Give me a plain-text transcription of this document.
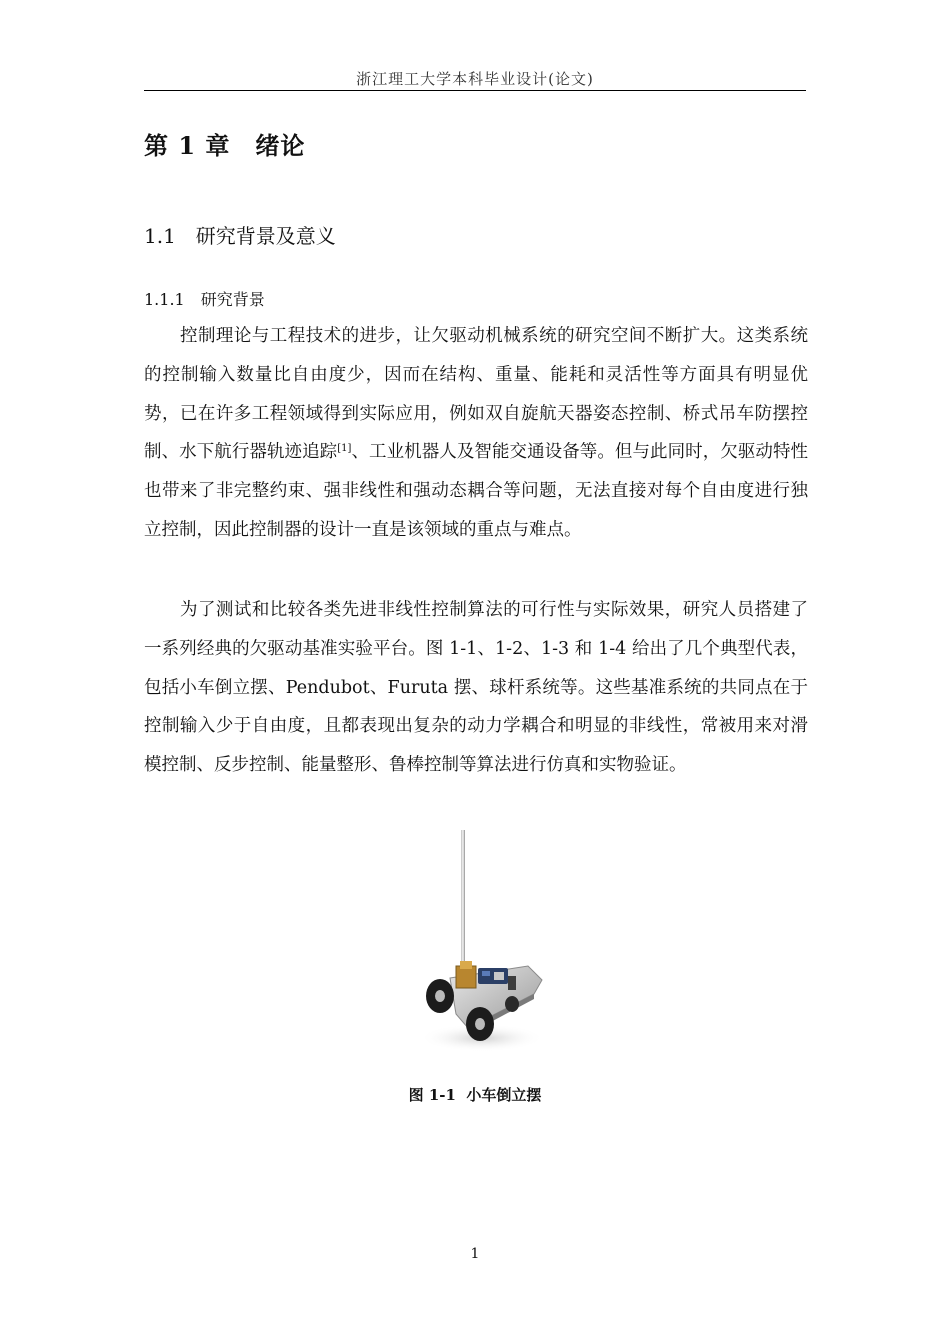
浙江理工大学本科毕业设计(论文)
第 1 章　绪论
1.1　研究背景及意义
1.1.1　研究背景

控制理论与工程技术的进步，让欠驱动机械系统的研究空间不断扩大。这类系统的控制输入数量比自由度少，因而在结构、重量、能耗和灵活性等方面具有明显优势，已在许多工程领域得到实际应用，例如双自旋航天器姿态控制、桥式吊车防摆控制、水下航行器轨迹追踪[1]、工业机器人及智能交通设备等。但与此同时，欠驱动特性也带来了非完整约束、强非线性和强动态耦合等问题，无法直接对每个自由度进行独立控制，因此控制器的设计一直是该领域的重点与难点。

为了测试和比较各类先进非线性控制算法的可行性与实际效果，研究人员搭建了一系列经典的欠驱动基准实验平台。图 1-1、1-2、1-3 和 1-4 给出了几个典型代表，包括小车倒立摆、Pendubot、Furuta 摆、球杆系统等。这些基准系统的共同点在于控制输入少于自由度，且都表现出复杂的动力学耦合和明显的非线性，常被用来对滑模控制、反步控制、能量整形、鲁棒控制等算法进行仿真和实物验证。

图 1-1  小车倒立摆
1
